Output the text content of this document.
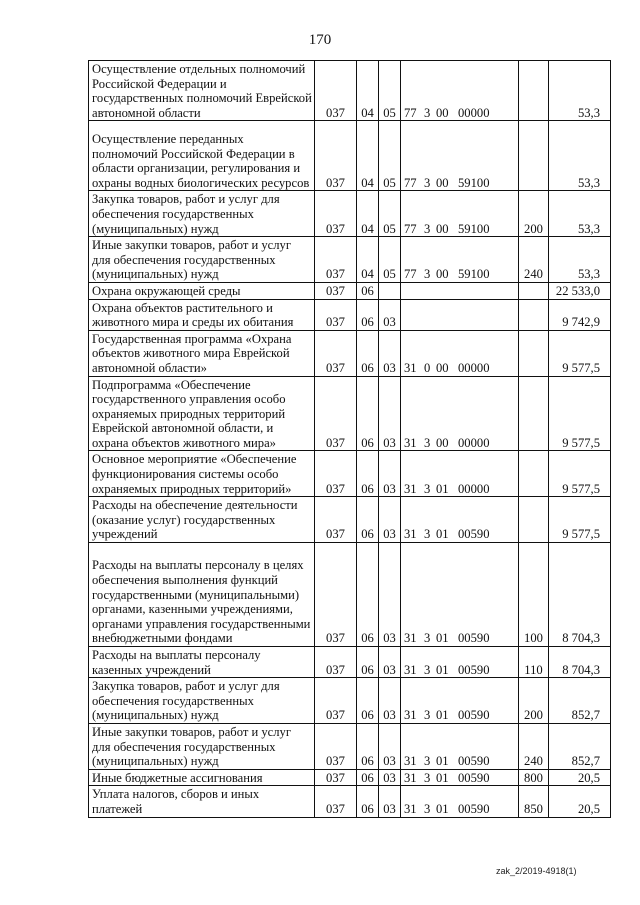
170
Осуществление отдельных полномочий Российской Федерации и государственных полномочий Еврейской автономной области	037	04	05	77 3 00 00000		53,3
Осуществление переданных полномочий Российской Федерации в области организации, регулирования и охраны водных биологических ресурсов	037	04	05	77 3 00 59100		53,3
Закупка товаров, работ и услуг для обеспечения государственных (муниципальных) нужд	037	04	05	77 3 00 59100	200	53,3
Иные закупки товаров, работ и услуг для обеспечения государственных (муниципальных) нужд	037	04	05	77 3 00 59100	240	53,3
Охрана окружающей среды	037	06				22 533,0
Охрана объектов растительного и животного мира и среды их обитания	037	06	03			9 742,9
Государственная программа «Охрана объектов животного мира Еврейской автономной области»	037	06	03	31 0 00 00000		9 577,5
Подпрограмма «Обеспечение государственного управления особо охраняемых природных территорий Еврейской автономной области, и охрана объектов животного мира»	037	06	03	31 3 00 00000		9 577,5
Основное мероприятие «Обеспечение функционирования системы особо охраняемых природных территорий»	037	06	03	31 3 01 00000		9 577,5
Расходы на обеспечение деятельности (оказание услуг) государственных учреждений	037	06	03	31 3 01 00590		9 577,5
Расходы на выплаты персоналу в целях обеспечения выполнения функций государственными (муниципальными) органами, казенными учреждениями, органами управления государственными внебюджетными фондами	037	06	03	31 3 01 00590	100	8 704,3
Расходы на выплаты персоналу казенных учреждений	037	06	03	31 3 01 00590	110	8 704,3
Закупка товаров, работ и услуг для обеспечения государственных (муниципальных) нужд	037	06	03	31 3 01 00590	200	852,7
Иные закупки товаров, работ и услуг для обеспечения государственных (муниципальных) нужд	037	06	03	31 3 01 00590	240	852,7
Иные бюджетные ассигнования	037	06	03	31 3 01 00590	800	20,5
Уплата налогов, сборов и иных платежей	037	06	03	31 3 01 00590	850	20,5
zak_2/2019-4918(1)
